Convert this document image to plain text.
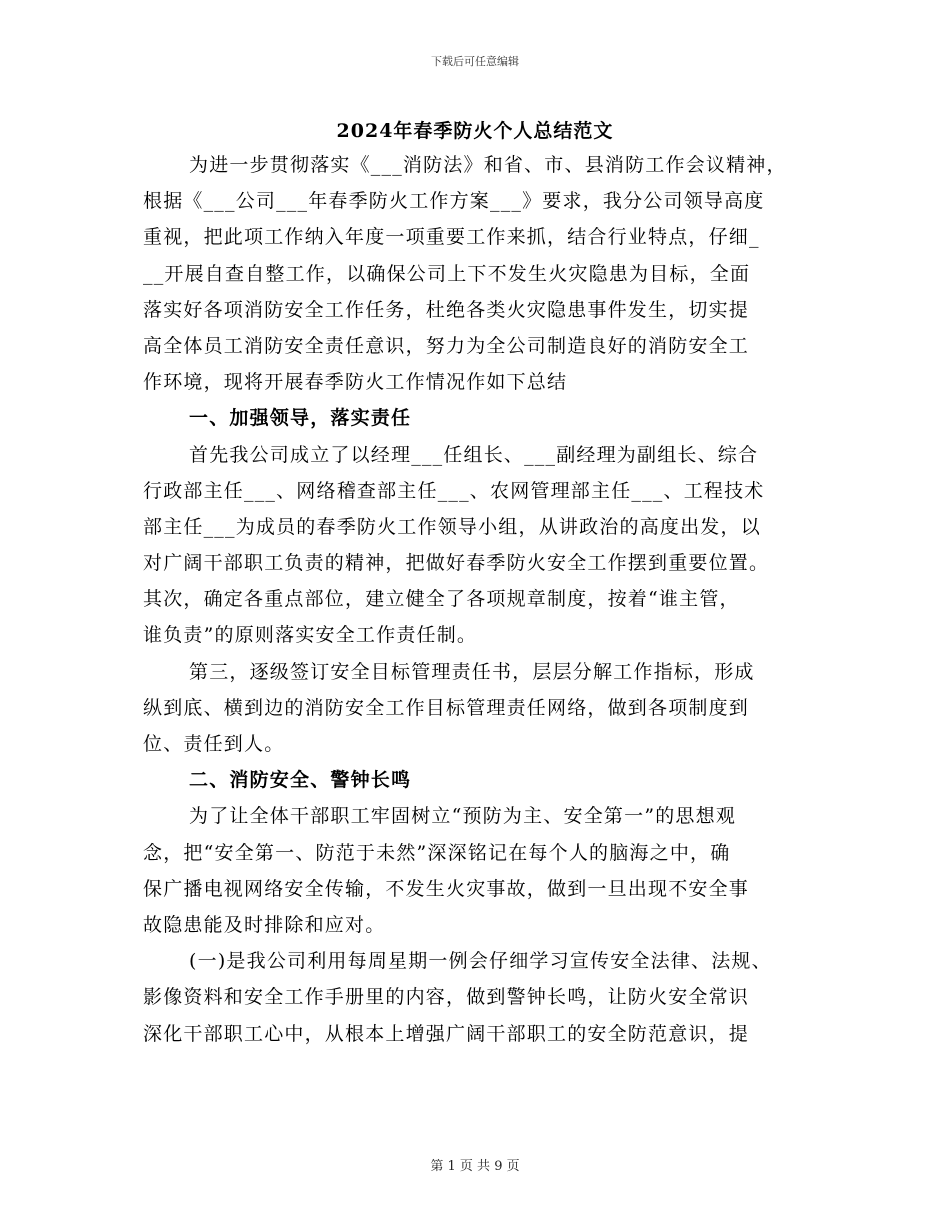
下载后可任意编辑
2024年春季防火个人总结范文
为进一步贯彻落实《___消防法》和省、市、县消防工作会议精神，
根据《___公司___年春季防火工作方案___》要求，我分公司领导高度
重视，把此项工作纳入年度一项重要工作来抓，结合行业特点，仔细_
__开展自查自整工作，以确保公司上下不发生火灾隐患为目标，全面
落实好各项消防安全工作任务，杜绝各类火灾隐患事件发生，切实提
高全体员工消防安全责任意识，努力为全公司制造良好的消防安全工
作环境，现将开展春季防火工作情况作如下总结
一、加强领导，落实责任
首先我公司成立了以经理___任组长、___副经理为副组长、综合
行政部主任___、网络稽查部主任___、农网管理部主任___、工程技术
部主任___为成员的春季防火工作领导小组，从讲政治的高度出发，以
对广阔干部职工负责的精神，把做好春季防火安全工作摆到重要位置。
其次，确定各重点部位，建立健全了各项规章制度，按着“谁主管，
谁负责”的原则落实安全工作责任制。
第三，逐级签订安全目标管理责任书，层层分解工作指标，形成
纵到底、横到边的消防安全工作目标管理责任网络，做到各项制度到
位、责任到人。
二、消防安全、警钟长鸣
为了让全体干部职工牢固树立“预防为主、安全第一”的思想观
念，把“安全第一、防范于未然”深深铭记在每个人的脑海之中，确
保广播电视网络安全传输，不发生火灾事故，做到一旦出现不安全事
故隐患能及时排除和应对。
(一)是我公司利用每周星期一例会仔细学习宣传安全法律、法规、
影像资料和安全工作手册里的内容，做到警钟长鸣，让防火安全常识
深化干部职工心中，从根本上增强广阔干部职工的安全防范意识，提
第 1 页 共 9 页
